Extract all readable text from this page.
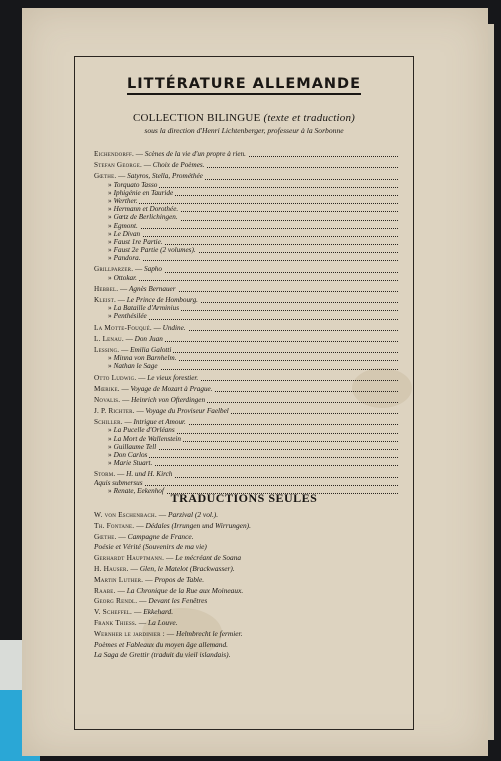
LITTÉRATURE ALLEMANDE
COLLECTION BILINGUE (texte et traduction)
sous la direction d'Henri Lichtenberger, professeur à la Sorbonne
Eichendorff. — Scènes de la vie d'un propre à rien.
Stefan George. — Choix de Poèmes.
Gœthe. — Satyros, Stella, Prométhée
» Torquato Tasso
» Iphigénie en Tauride
» Werther.
» Hermann et Dorothée.
» Gœtz de Berlichingen.
» Egmont.
» Le Divan
» Faust 1re Partie.
» Faust 2e Partie (2 volumes).
» Pandora.
Grillparzer. — Sapho
» Ottokar.
Hebbel. — Agnès Bernauer
Kleist. — Le Prince de Hombourg.
» La Bataille d'Arminius
» Penthésilée
La Motte-Fouqué. — Undine.
L. Lenau. — Don Juan
Lessing. — Emilia Galotti
» Minna von Barnhelm.
» Nathan le Sage
Otto Ludwig. — Le vieux forestier.
Mœrike. — Voyage de Mozart à Prague.
Novalis. — Heinrich von Ofterdingen
J. P. Richter. — Voyage du Proviseur Faelbel
Schiller. — Intrigue et Amour.
» La Pucelle d'Orléans
» La Mort de Wallenstein
» Guillaume Tell
» Don Carlos
» Marie Stuart.
Storm. — H. und H. Kirch
Aquis submersus
» Renate, Eekenhof
TRADUCTIONS SEULES
W. von Eschenbach. — Parzival (2 vol.).
Th. Fontane. — Dédales (Irrungen und Wirrungen).
Gœthe. — Campagne de France.
Poésie et Vérité (Souvenirs de ma vie)
Gerhardt Hauptmann. — Le mécréant de Soana
H. Hauser. — Glen, le Matelot (Brackwasser).
Martin Luther. — Propos de Table.
Raabe. — La Chronique de la Rue aux Moineaux.
Georg Rendl. — Devant les Fenêtres
V. Scheffel. — Ekkehard.
Frank Thiess. — La Louve.
Wernher le jardinier : — Helmbrecht le fermier.
Poèmes et Fableaux du moyen âge allemand.
La Saga de Grettir (traduit du vieil islandais).
